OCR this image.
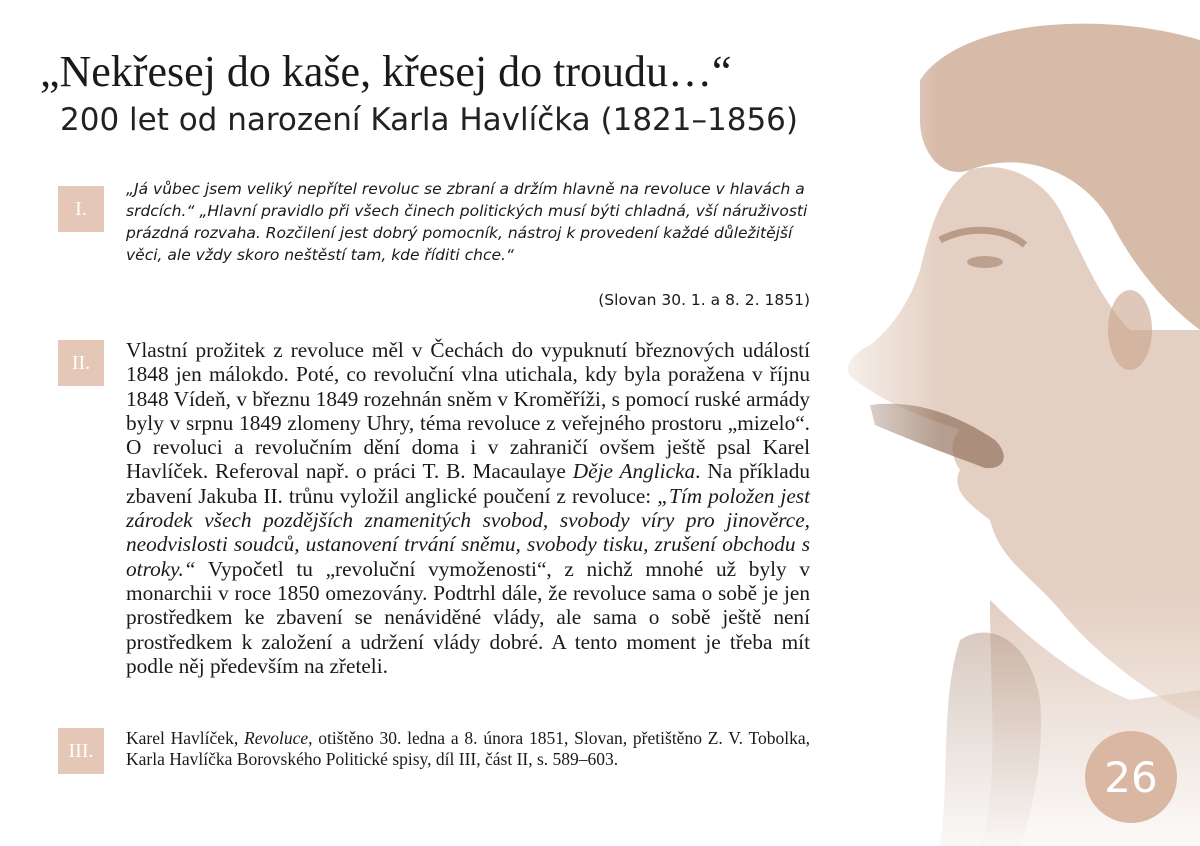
„Nekřesej do kaše, křesej do troudu…“
200 let od narození Karla Havlíčka (1821–1856)
I.

„Já vůbec jsem veliký nepřítel revoluc se zbraní a držím hlavně na revoluce v hlavách a srdcích.“ „Hlavní pravidlo při všech činech politických musí býti chladná, vší náruživosti prázdná rozvaha. Rozčilení jest dobrý pomocník, nástroj k provedení každé důležitější věci, ale vždy skoro neštěstí tam, kde říditi chce.“

(Slovan 30. 1. a 8. 2. 1851)

II.

Vlastní prožitek z revoluce měl v Čechách do vypuknutí březnových událostí 1848 jen málokdo. Poté, co revoluční vlna utichala, kdy byla poražena v říjnu 1848 Vídeň, v březnu 1849 rozehnán sněm v Kroměříži, s pomocí ruské armády byly v srpnu 1849 zlomeny Uhry, téma revoluce z veřejného prostoru „mizelo“. O revoluci a revolučním dění doma i v zahraničí ovšem ještě psal Karel Havlíček. Referoval např. o práci T. B. Macaulaye Děje Anglicka. Na příkladu zbavení Jakuba II. trůnu vyložil anglické poučení z revoluce: „Tím položen jest zárodek všech pozdějších znamenitých svobod, svobody víry pro jinověrce, neodvislosti soudců, ustanovení trvání sněmu, svobody tisku, zrušení obchodu s otroky.“ Vypočetl tu „revoluční vymoženosti“, z nichž mnohé už byly v monarchii v roce 1850 omezovány. Podtrhl dále, že revoluce sama o sobě je jen prostředkem ke zbavení se nenáviděné vlády, ale sama o sobě ještě není prostředkem k založení a udržení vlády dobré. A tento moment je třeba mít podle něj především na zřeteli.

III.

Karel Havlíček, Revoluce, otištěno 30. ledna a 8. února 1851, Slovan, přetištěno Z. V. Tobolka, Karla Havlíčka Borovského Politické spisy, díl III, část II, s. 589–603.	26
